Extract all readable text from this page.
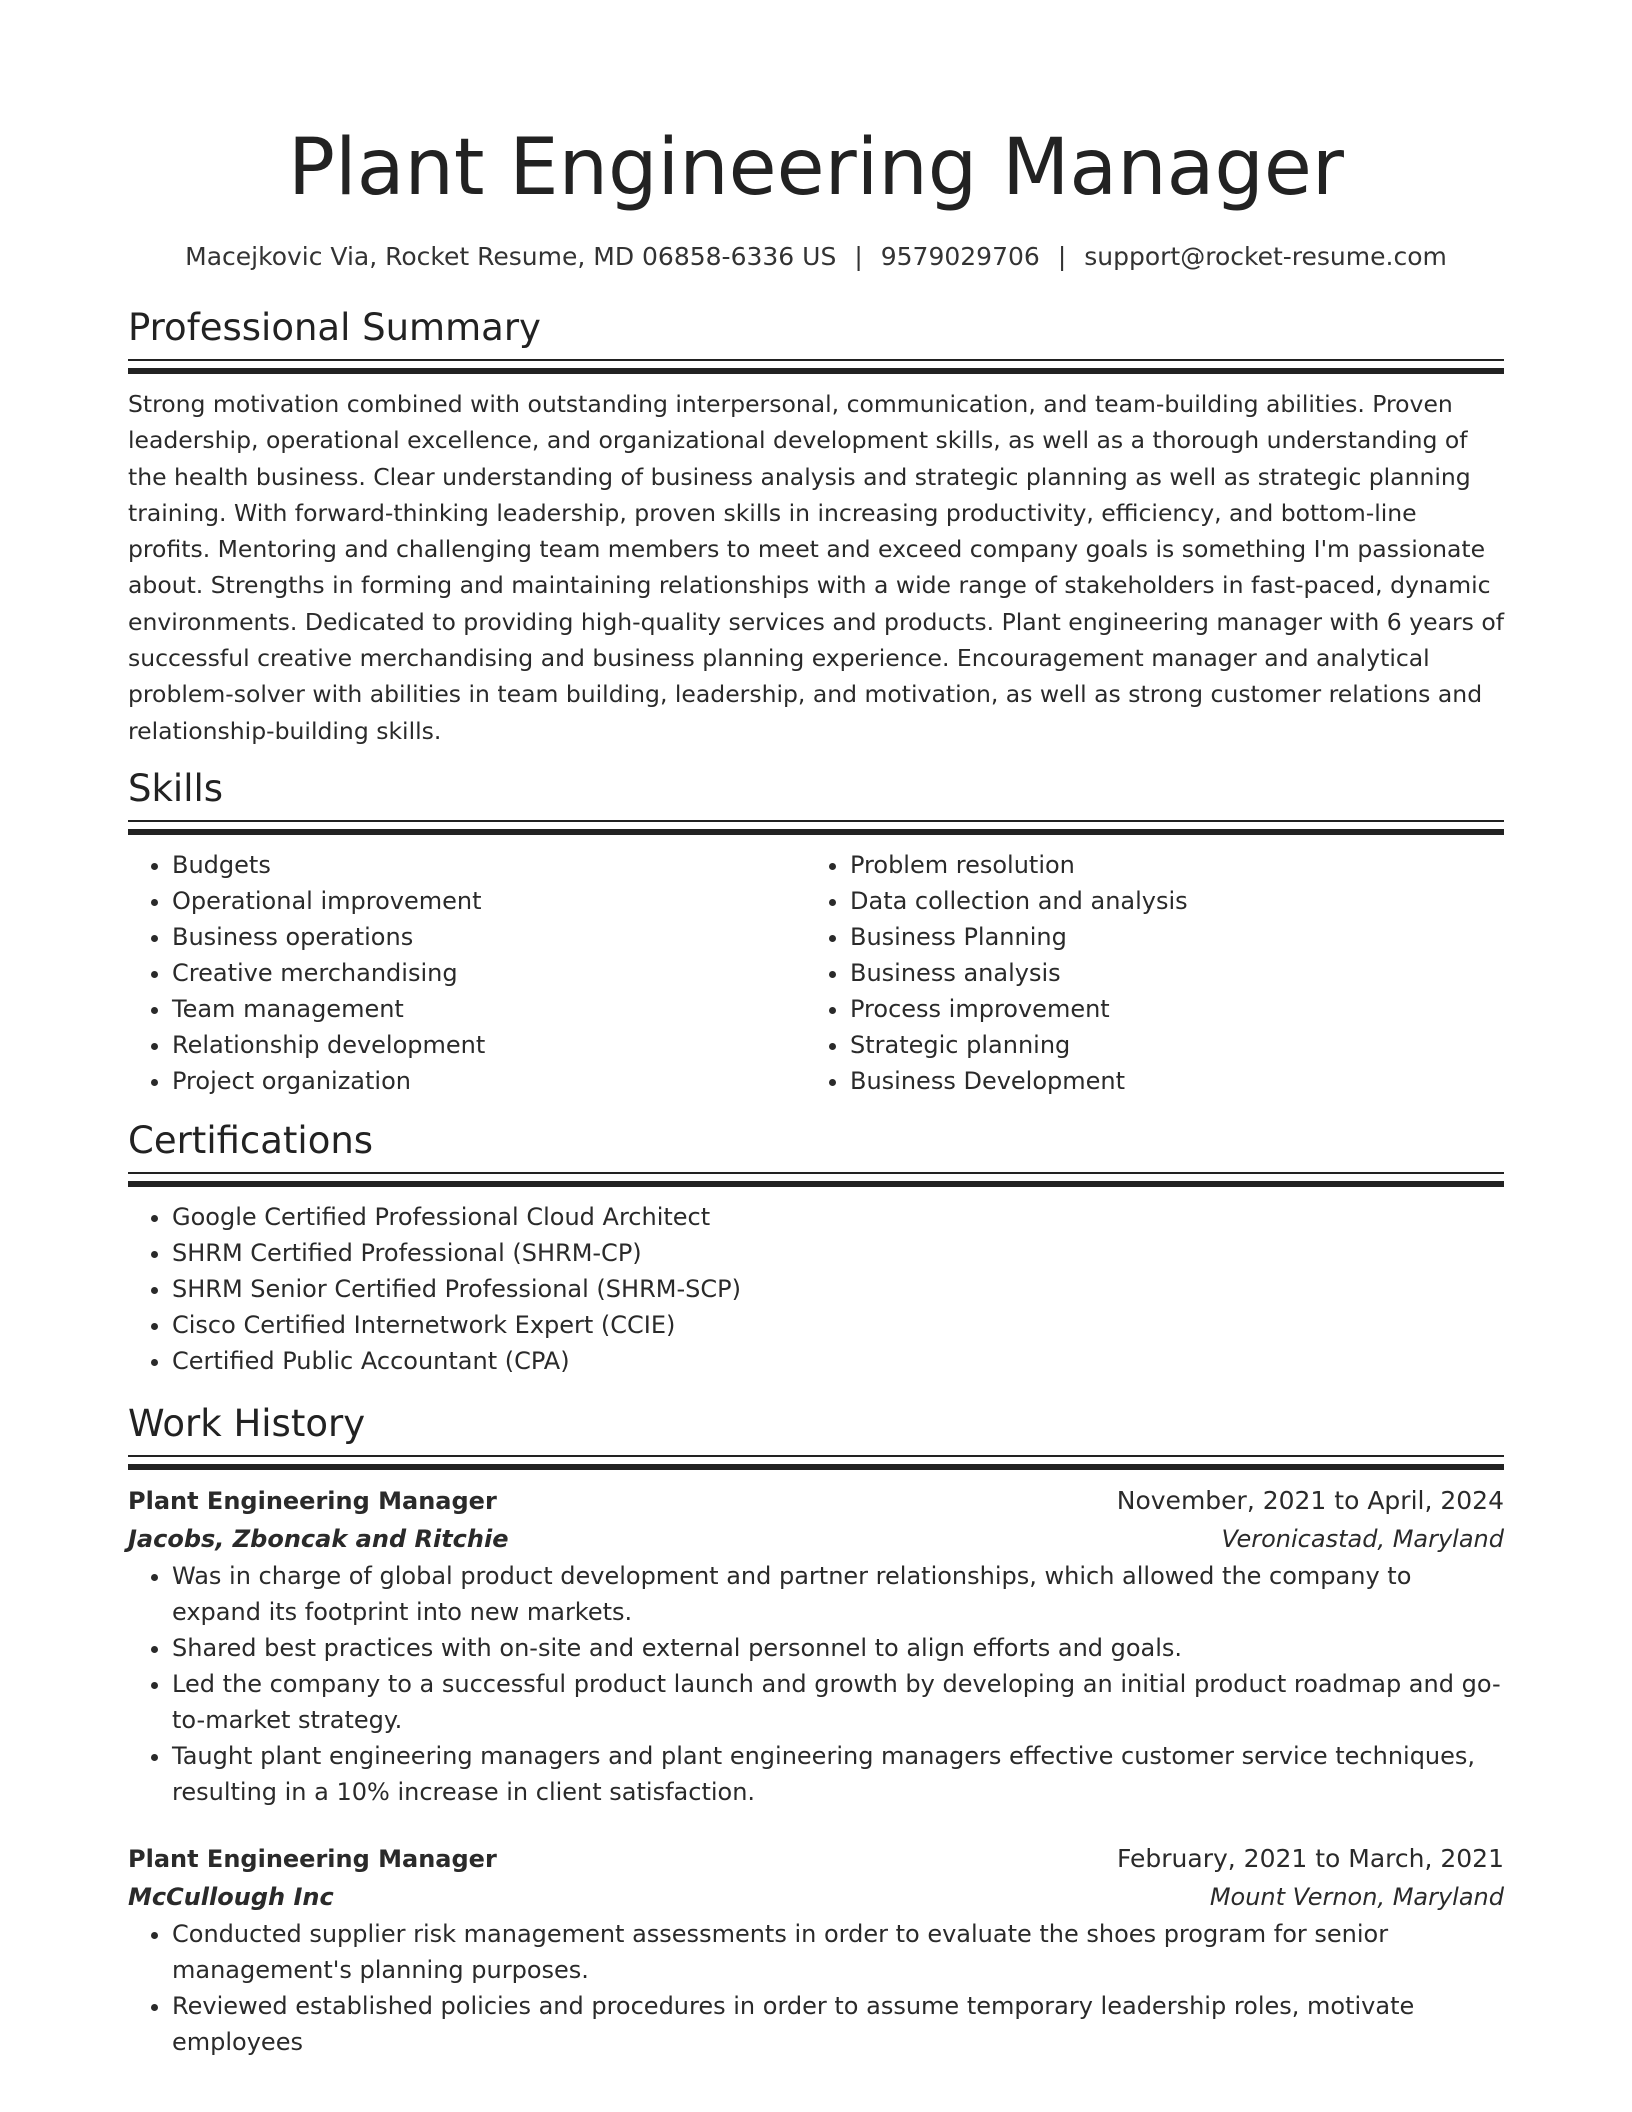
Plant Engineering Manager
Macejkovic Via, Rocket Resume, MD 06858-6336 US | 9579029706 | support@rocket-resume.com
Professional Summary

Strong motivation combined with outstanding interpersonal, communication, and team-building abilities. Proven leadership, operational excellence, and organizational development skills, as well as a thorough understanding of the health business. Clear understanding of business analysis and strategic planning as well as strategic planning training. With forward-thinking leadership, proven skills in increasing productivity, efficiency, and bottom-line profits. Mentoring and challenging team members to meet and exceed company goals is something I'm passionate about. Strengths in forming and maintaining relationships with a wide range of stakeholders in fast-paced, dynamic environments. Dedicated to providing high-quality services and products. Plant engineering manager with 6 years of successful creative merchandising and business planning experience. Encouragement manager and analytical problem-solver with abilities in team building, leadership, and motivation, as well as strong customer relations and relationship-building skills.

Skills
• Budgets
• Operational improvement
• Business operations
• Creative merchandising
• Team management
• Relationship development
• Project organization
• Problem resolution
• Data collection and analysis
• Business Planning
• Business analysis
• Process improvement
• Strategic planning
• Business Development
Certifications
• Google Certified Professional Cloud Architect
• SHRM Certified Professional (SHRM-CP)
• SHRM Senior Certified Professional (SHRM-SCP)
• Cisco Certified Internetwork Expert (CCIE)
• Certified Public Accountant (CPA)
Work History
Plant Engineering Manager	November, 2021 to April, 2024
Jacobs, Zboncak and Ritchie	Veronicastad, Maryland
• Was in charge of global product development and partner relationships, which allowed the company to expand its footprint into new markets.
• Shared best practices with on-site and external personnel to align efforts and goals.
• Led the company to a successful product launch and growth by developing an initial product roadmap and go-to-market strategy.
• Taught plant engineering managers and plant engineering managers effective customer service techniques, resulting in a 10% increase in client satisfaction.
Plant Engineering Manager	February, 2021 to March, 2021
McCullough Inc	Mount Vernon, Maryland
• Conducted supplier risk management assessments in order to evaluate the shoes program for senior management's planning purposes.
• Reviewed established policies and procedures in order to assume temporary leadership roles, motivate employees
